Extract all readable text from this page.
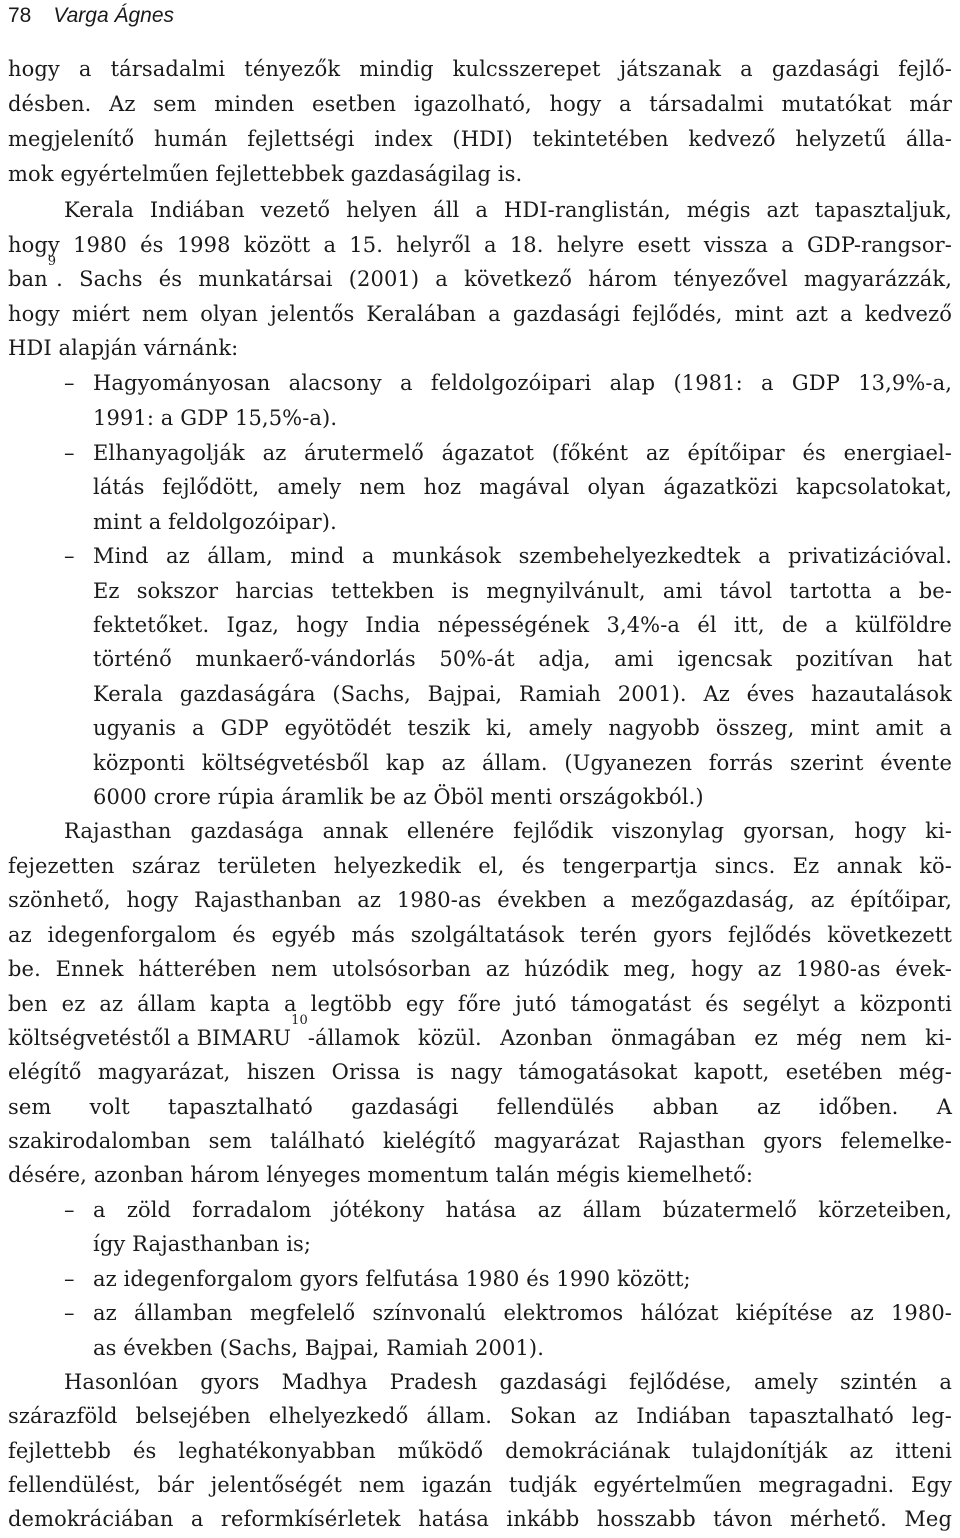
78 Varga Ágnes
hogy a társadalmi tényezők mindig kulcsszerepet játszanak a gazdasági fejlő-
désben. Az sem minden esetben igazolható, hogy a társadalmi mutatókat már
megjelenítő humán fejlettségi index (HDI) tekintetében kedvező helyzetű álla-
mok egyértelműen fejlettebbek gazdaságilag is.
Kerala Indiában vezető helyen áll a HDI-ranglistán, mégis azt tapasztaljuk,
hogy 1980 és 1998 között a 15. helyről a 18. helyre esett vissza a GDP-rangsor-
ban
9
. Sachs és munkatársai (2001) a következő három tényezővel magyarázzák,
hogy miért nem olyan jelentős Keralában a gazdasági fejlődés, mint azt a kedvező
HDI alapján várnánk:
– Hagyományosan alacsony a feldolgozóipari alap (1981: a GDP 13,9%-a,
1991: a GDP 15,5%-a).
– Elhanyagolják az árutermelő ágazatot (főként az építőipar és energiael-
látás fejlődött, amely nem hoz magával olyan ágazatközi kapcsolatokat,
mint a feldolgozóipar).
– Mind az állam, mind a munkások szembehelyezkedtek a privatizációval.
Ez sokszor harcias tettekben is megnyilvánult, ami távol tartotta a be-
fektetőket. Igaz, hogy India népességének 3,4%-a él itt, de a külföldre
történő munkaerő-vándorlás 50%-át adja, ami igencsak pozitívan hat
Kerala gazdaságára (Sachs, Bajpai, Ramiah 2001). Az éves hazautalások
ugyanis a GDP egyötödét teszik ki, amely nagyobb összeg, mint amit a
központi költségvetésből kap az állam. (Ugyanezen forrás szerint évente
6000 crore rúpia áramlik be az Öböl menti országokból.)
Rajasthan gazdasága annak ellenére fejlődik viszonylag gyorsan, hogy ki-
fejezetten száraz területen helyezkedik el, és tengerpartja sincs. Ez annak kö-
szönhető, hogy Rajasthanban az 1980-as években a mezőgazdaság, az építőipar,
az idegenforgalom és egyéb más szolgáltatások terén gyors fejlődés következett
be. Ennek hátterében nem utolsósorban az húzódik meg, hogy az 1980-as évek-
ben ez az állam kapta a legtöbb egy főre jutó támogatást és segélyt a központi
költségvetéstől a BIMARU
10
-államok közül. Azonban önmagában ez még nem ki-
elégítő magyarázat, hiszen Orissa is nagy támogatásokat kapott, esetében még-
sem volt tapasztalható gazdasági fellendülés abban az időben. A
szakirodalomban sem található kielégítő magyarázat Rajasthan gyors felemelke-
désére, azonban három lényeges momentum talán mégis kiemelhető:
– a zöld forradalom jótékony hatása az állam búzatermelő körzeteiben,
így Rajasthanban is;
– az idegenforgalom gyors felfutása 1980 és 1990 között;
– az államban megfelelő színvonalú elektromos hálózat kiépítése az 1980-
as években (Sachs, Bajpai, Ramiah 2001).
Hasonlóan gyors Madhya Pradesh gazdasági fejlődése, amely szintén a
szárazföld belsejében elhelyezkedő állam. Sokan az Indiában tapasztalható leg-
fejlettebb és leghatékonyabban működő demokráciának tulajdonítják az itteni
fellendülést, bár jelentőségét nem igazán tudják egyértelműen megragadni. Egy
demokráciában a reformkísérletek hatása inkább hosszabb távon mérhető. Meg
